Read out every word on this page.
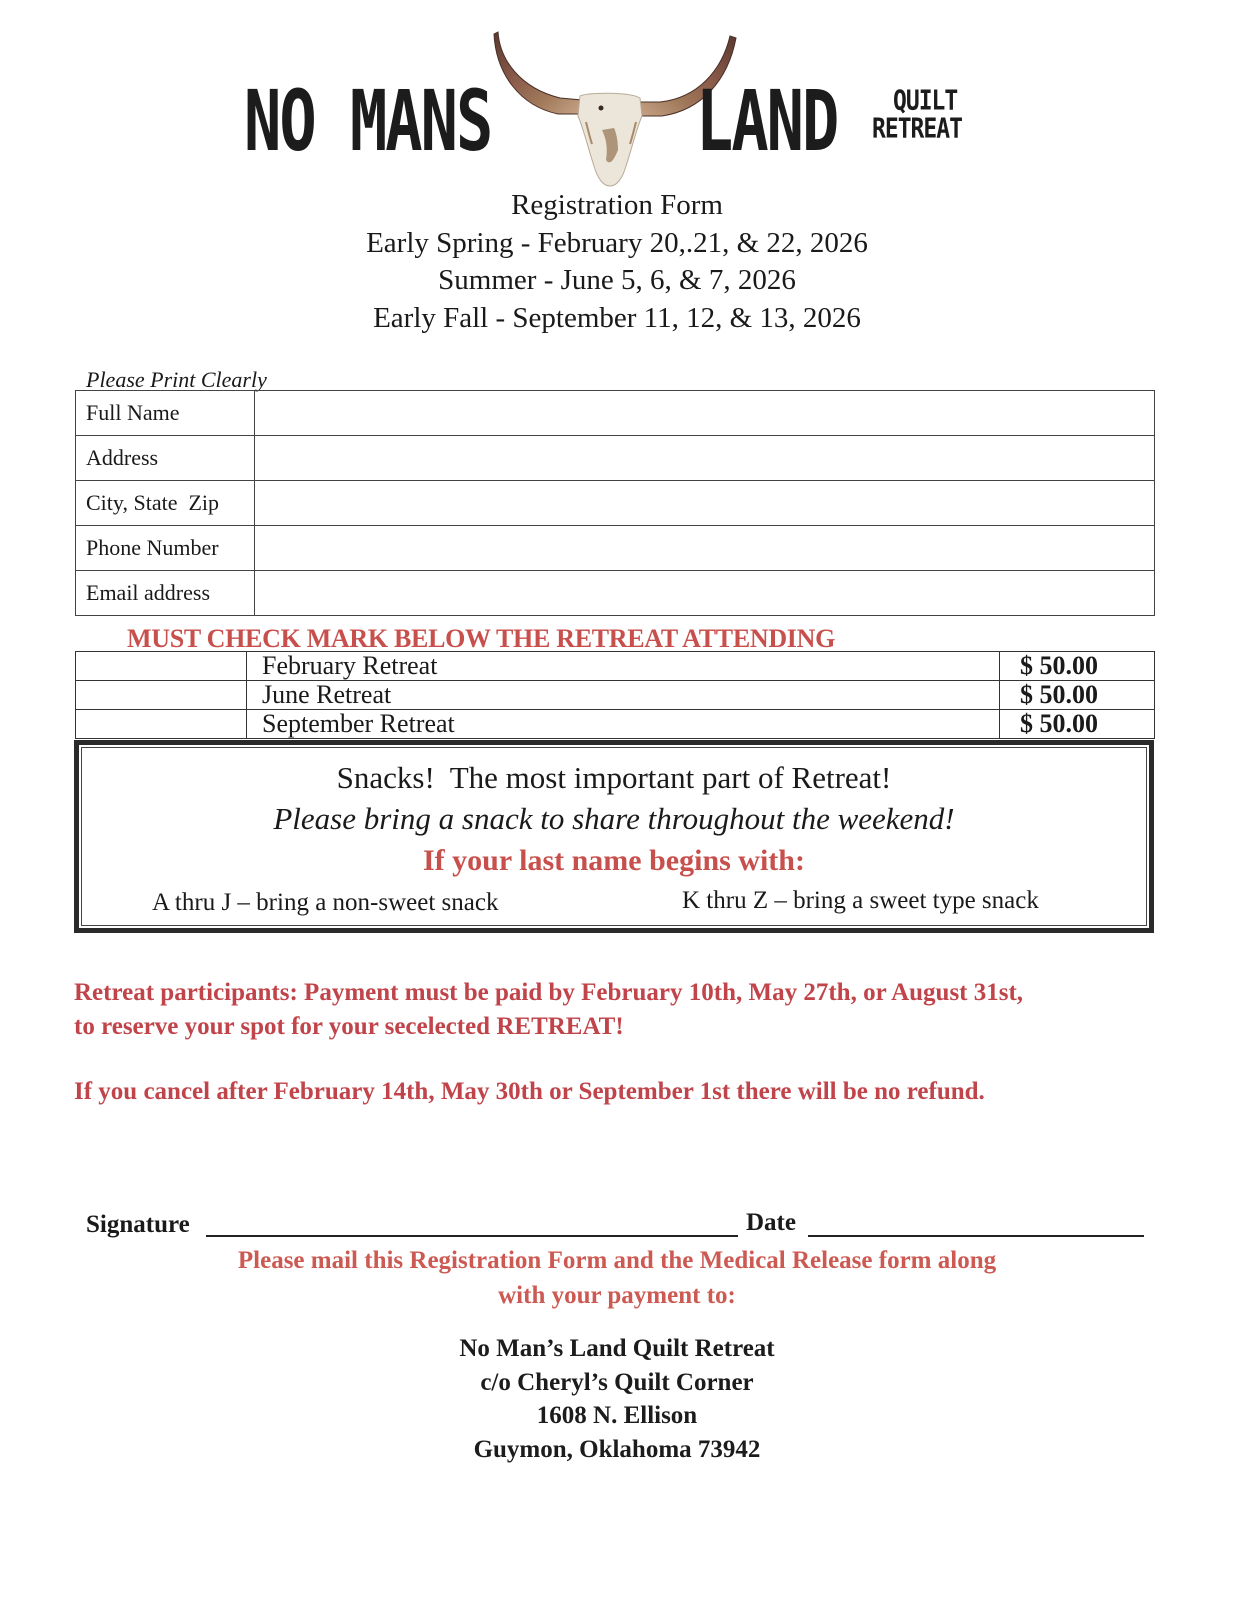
NO MANS	LAND QUILT
RETREAT
Registration Form
Early Spring - February 20,.21, & 22, 2026
Summer - June 5, 6, & 7, 2026
Early Fall - September 11, 12, & 13, 2026
Please Print Clearly
Full Name	
Address	
City, State  Zip	
Phone Number	
Email address	
MUST CHECK MARK BELOW THE RETREAT ATTENDING
	February Retreat	$ 50.00
	June Retreat	$ 50.00
	September Retreat	$ 50.00
Snacks!  The most important part of Retreat!
Please bring a snack to share throughout the weekend!
If your last name begins with:
A thru J – bring a non-sweet snack	K thru Z – bring a sweet type snack
Retreat participants: Payment must be paid by February 10th, May 27th, or August 31st,
to reserve your spot for your secelected RETREAT!
If you cancel after February 14th, May 30th or September 1st there will be no refund.
Signature	Date
Please mail this Registration Form and the Medical Release form along
with your payment to:
No Man’s Land Quilt Retreat
c/o Cheryl’s Quilt Corner
1608 N. Ellison
Guymon, Oklahoma 73942
